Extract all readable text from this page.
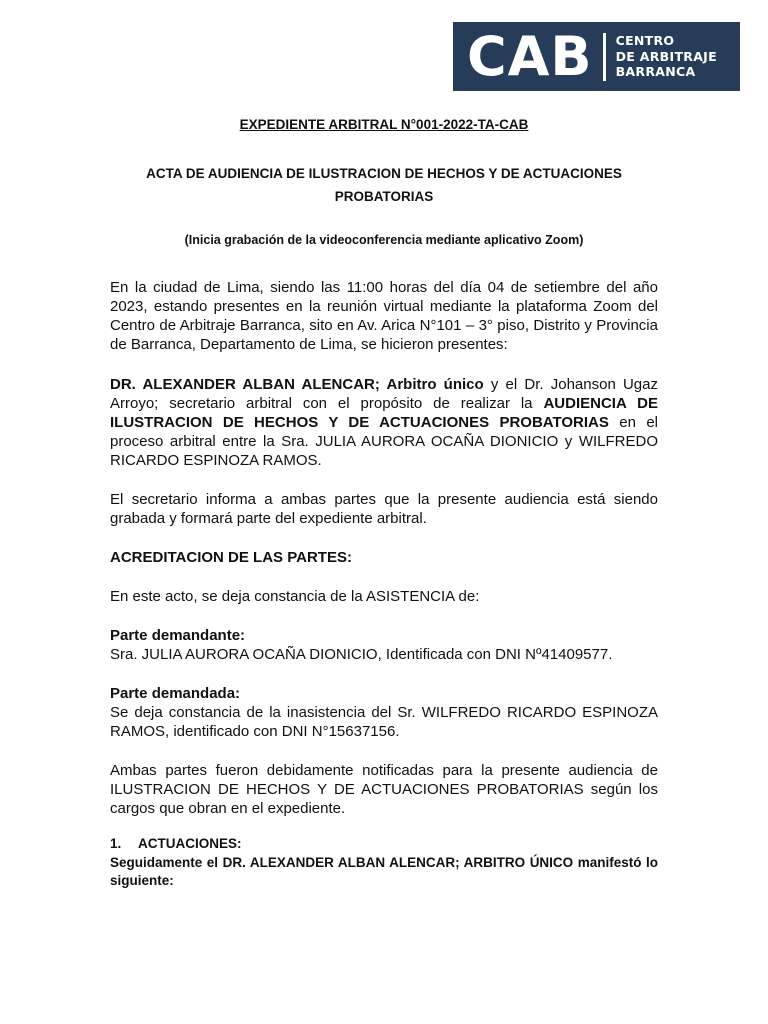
CAB CENTRO
DE ARBITRAJE
BARRANCA
EXPEDIENTE ARBITRAL N°001-2022-TA-CAB
ACTA DE AUDIENCIA DE ILUSTRACION DE HECHOS Y DE ACTUACIONES PROBATORIAS
(Inicia grabación de la videoconferencia mediante aplicativo Zoom)

En la ciudad de Lima, siendo las 11:00 horas del día 04 de setiembre del año 2023, estando presentes en la reunión virtual mediante la plataforma Zoom del Centro de Arbitraje Barranca, sito en Av. Arica N°101 – 3° piso, Distrito y Provincia de Barranca, Departamento de Lima, se hicieron presentes:

DR. ALEXANDER ALBAN ALENCAR; Arbitro único y el Dr. Johanson Ugaz Arroyo; secretario arbitral con el propósito de realizar la AUDIENCIA DE ILUSTRACION DE HECHOS Y DE ACTUACIONES PROBATORIAS en el proceso arbitral entre la Sra. JULIA AURORA OCAÑA DIONICIO y WILFREDO RICARDO ESPINOZA RAMOS.

El secretario informa a ambas partes que la presente audiencia está siendo grabada y formará parte del expediente arbitral.

ACREDITACION DE LAS PARTES:

En este acto, se deja constancia de la ASISTENCIA de:

Parte demandante:
Sra. JULIA AURORA OCAÑA DIONICIO, Identificada con DNI Nº41409577.
Parte demandada:
Se deja constancia de la inasistencia del Sr. WILFREDO RICARDO ESPINOZA RAMOS, identificado con DNI N°15637156.

Ambas partes fueron debidamente notificadas para la presente audiencia de ILUSTRACION DE HECHOS Y DE ACTUACIONES PROBATORIAS según los cargos que obran en el expediente.

1. ACTUACIONES:

Seguidamente el DR. ALEXANDER ALBAN ALENCAR; ARBITRO ÚNICO manifestó lo siguiente:
